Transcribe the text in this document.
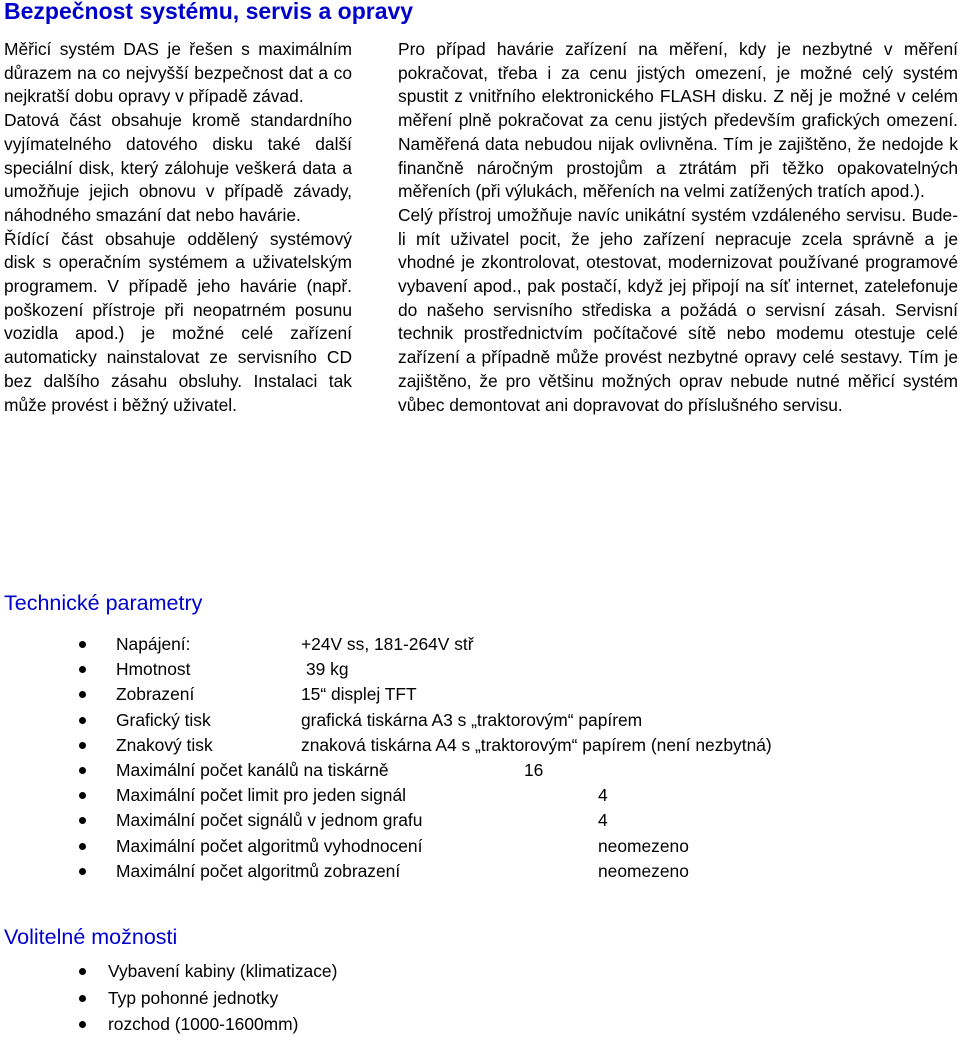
Bezpečnost systému, servis a opravy

Měřicí systém DAS je řešen s maximálním důrazem na co nejvyšší bezpečnost dat a co nejkratší dobu opravy v případě závad.

Datová část obsahuje kromě standardního vyjímatelného datového disku také další speciální disk, který zálohuje veškerá data a umožňuje jejich obnovu v případě závady, náhodného smazání dat nebo havárie.

Řídící část obsahuje oddělený systémový disk s operačním systémem a uživatelským programem. V případě jeho havárie (např. poškození přístroje při neopatrném posunu vozidla apod.) je možné celé zařízení automaticky nainstalovat ze servisního CD bez dalšího zásahu obsluhy. Instalaci tak může provést i běžný uživatel.

Pro případ havárie zařízení na měření, kdy je nezbytné v měření pokračovat, třeba i za cenu jistých omezení, je možné celý systém spustit z vnitřního elektronického FLASH disku. Z něj je možné v celém měření plně pokračovat za cenu jistých především grafických omezení. Naměřená data nebudou nijak ovlivněna. Tím je zajištěno, že nedojde k finančně náročným prostojům a ztrátám při těžko opakovatelných měřeních (při výlukách, měřeních na velmi zatížených tratích apod.).

Celý přístroj umožňuje navíc unikátní systém vzdáleného servisu. Bude-li mít uživatel pocit, že jeho zařízení nepracuje zcela správně a je vhodné je zkontrolovat, otestovat, modernizovat používané programové vybavení apod., pak postačí, když jej připojí na síť internet, zatelefonuje do našeho servisního střediska a požádá o servisní zásah. Servisní technik prostřednictvím počítačové sítě nebo modemu otestuje celé zařízení a případně může provést nezbytné opravy celé sestavy. Tím je zajištěno, že pro většinu možných oprav nebude nutné měřicí systém vůbec demontovat ani dopravovat do příslušného servisu.

Technické parametry
Napájení:	+24V ss, 181-264V stř
Hmotnost	39 kg
Zobrazení	15“ displej TFT
Grafický tisk	grafická tiskárna A3 s „traktorovým“ papírem
Znakový tisk	znaková tiskárna A4 s „traktorovým“ papírem (není nezbytná)
Maximální počet kanálů na tiskárně	16
Maximální počet limit pro jeden signál	4
Maximální počet signálů v jednom grafu	4
Maximální počet algoritmů vyhodnocení	neomezeno
Maximální počet algoritmů zobrazení	neomezeno
Volitelné možnosti
Vybavení kabiny (klimatizace)
Typ pohonné jednotky
rozchod (1000-1600mm)
